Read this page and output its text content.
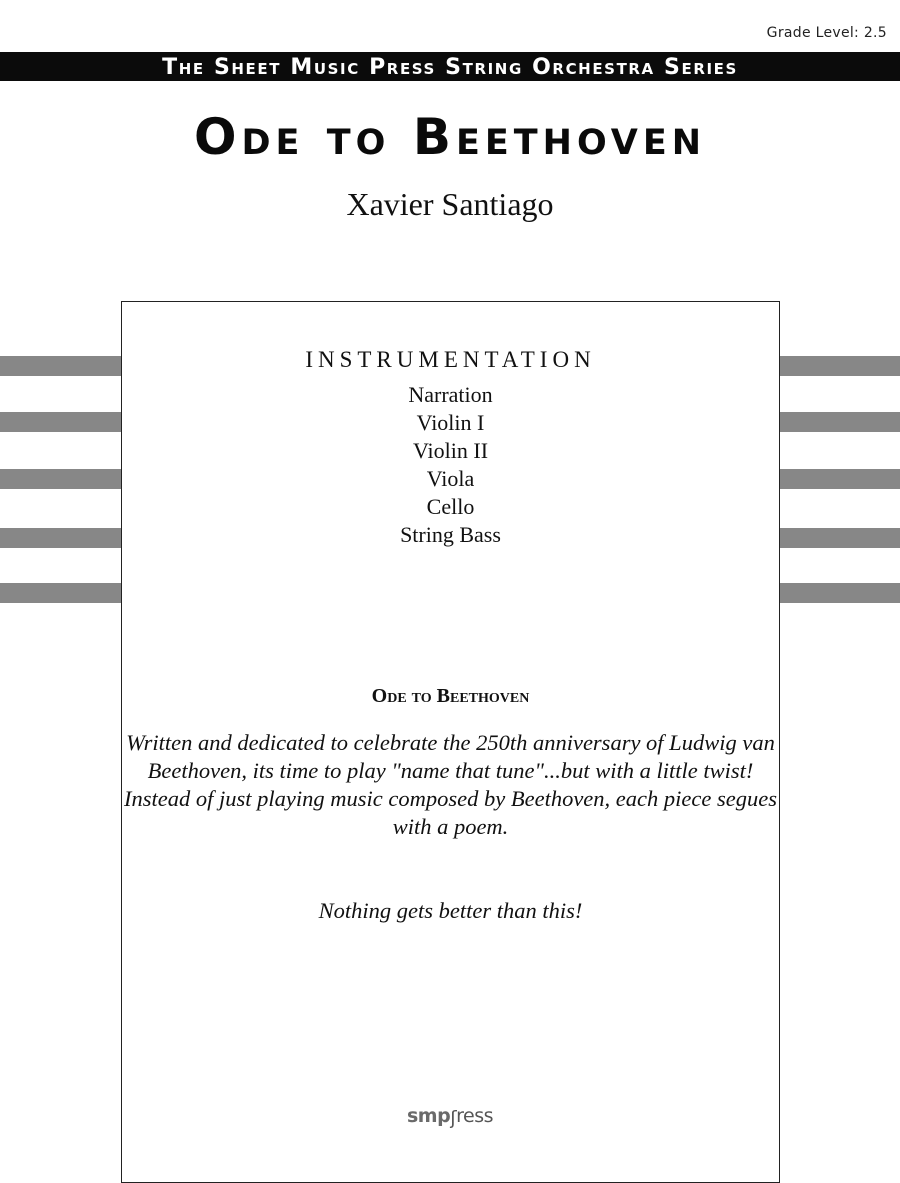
Grade Level: 2.5
The Sheet Music Press String Orchestra Series
Ode to Beethoven
Xavier Santiago
INSTRUMENTATION
Narration
Violin I
Violin II
Viola
Cello
String Bass
Ode to Beethoven
Written and dedicated to celebrate the 250th anniversary of Ludwig van Beethoven, its time to play "name that tune"...but with a little twist! Instead of just playing music composed by Beethoven, each piece segues with a poem.
Nothing gets better than this!
smpʃress
